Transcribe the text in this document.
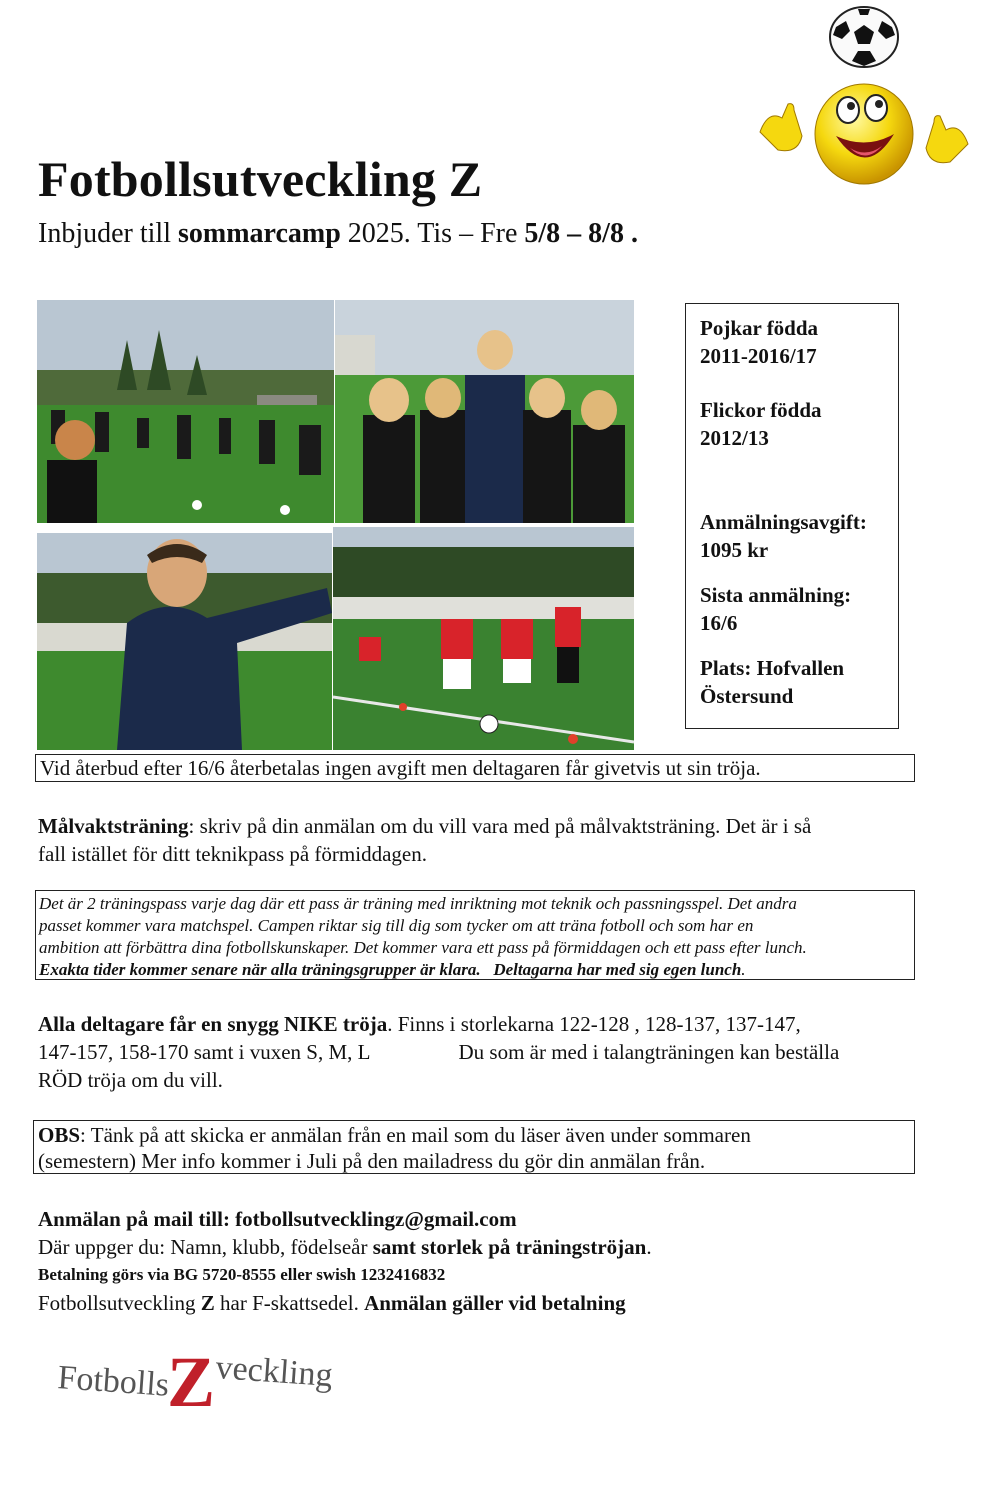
Fotbollsutveckling Z
Inbjuder till sommarcamp 2025. Tis – Fre 5/8 – 8/8 .
Pojkar födda
2011-2016/17
Flickor födda
2012/13
Anmälningsavgift:
1095 kr
Sista anmälning:
16/6
Plats: Hofvallen
Östersund
Vid återbud efter 16/6 återbetalas ingen avgift men deltagaren får givetvis ut sin tröja.
Målvaktsträning: skriv på din anmälan om du vill vara med på målvaktsträning. Det är i så
fall istället för ditt teknikpass på förmiddagen.
Det är 2 träningspass varje dag där ett pass är träning med inriktning mot teknik och passningsspel. Det andra
passet kommer vara matchspel. Campen riktar sig till dig som tycker om att träna fotboll och som har en
ambition att förbättra dina fotbollskunskaper. Det kommer vara ett pass på förmiddagen och ett pass efter lunch.
Exakta tider kommer senare när alla träningsgrupper är klara. Deltagarna har med sig egen lunch.
Alla deltagare får en snygg NIKE tröja. Finns i storlekarna 122-128 , 128-137, 137-147,
147-157, 158-170 samt i vuxen S, M, L	Du som är med i talangträningen kan beställa
RÖD tröja om du vill.
OBS: Tänk på att skicka er anmälan från en mail som du läser även under sommaren
(semestern) Mer info kommer i Juli på den mailadress du gör din anmälan från.
Anmälan på mail till: fotbollsutvecklingz@gmail.com
Där uppger du: Namn, klubb, födelseår samt storlek på träningströjan.
Betalning görs via BG 5720-8555 eller swish 1232416832
Fotbollsutveckling Z har F-skattsedel. Anmälan gäller vid betalning
Fotbolls
Z veckling
